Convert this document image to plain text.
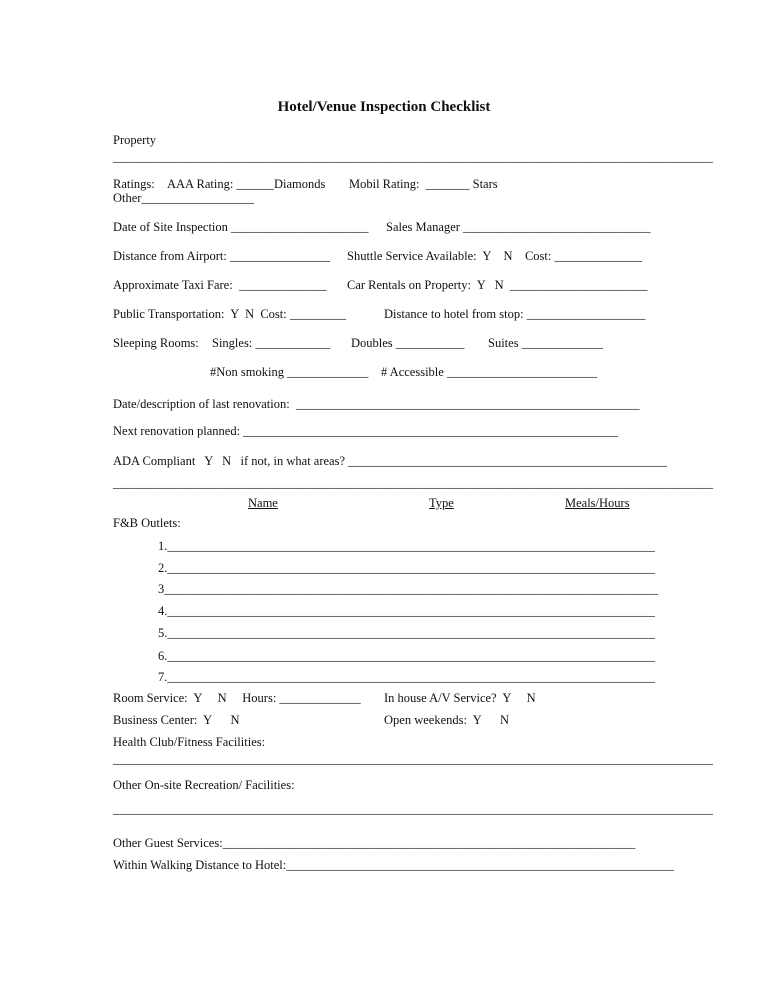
Hotel/Venue Inspection Checklist
Property
________________________________________________________________________________________________
Ratings: AAA Rating: ______Diamonds Mobil Rating:  _______ Stars
Other__________________
Date of Site Inspection ______________________ Sales Manager ______________________________
Distance from Airport: ________________ Shuttle Service Available:  Y    N    Cost: ______________
Approximate Taxi Fare:  ______________ Car Rentals on Property:  Y   N  ______________________
Public Transportation:  Y  N  Cost: _________	Distance to hotel from stop: ___________________
Sleeping Rooms: Singles: ____________ Doubles ___________ Suites _____________
#Non smoking _____________ # Accessible ________________________
Date/description of last renovation:  _______________________________________________________
Next renovation planned: ____________________________________________________________
ADA Compliant   Y   N   if not, in what areas? ___________________________________________________
________________________________________________________________________________________________
Name	Type	Meals/Hours
F&B Outlets:
1.______________________________________________________________________________
2.______________________________________________________________________________
3_______________________________________________________________________________
4.______________________________________________________________________________
5.______________________________________________________________________________
6.______________________________________________________________________________
7.______________________________________________________________________________
Room Service:  Y     N     Hours: _____________ In house A/V Service?  Y     N
Business Center:  Y      N	Open weekends:  Y      N
Health Club/Fitness Facilities:
________________________________________________________________________________________________
Other On-site Recreation/ Facilities:
________________________________________________________________________________________________
Other Guest Services:__________________________________________________________________
Within Walking Distance to Hotel:______________________________________________________________
